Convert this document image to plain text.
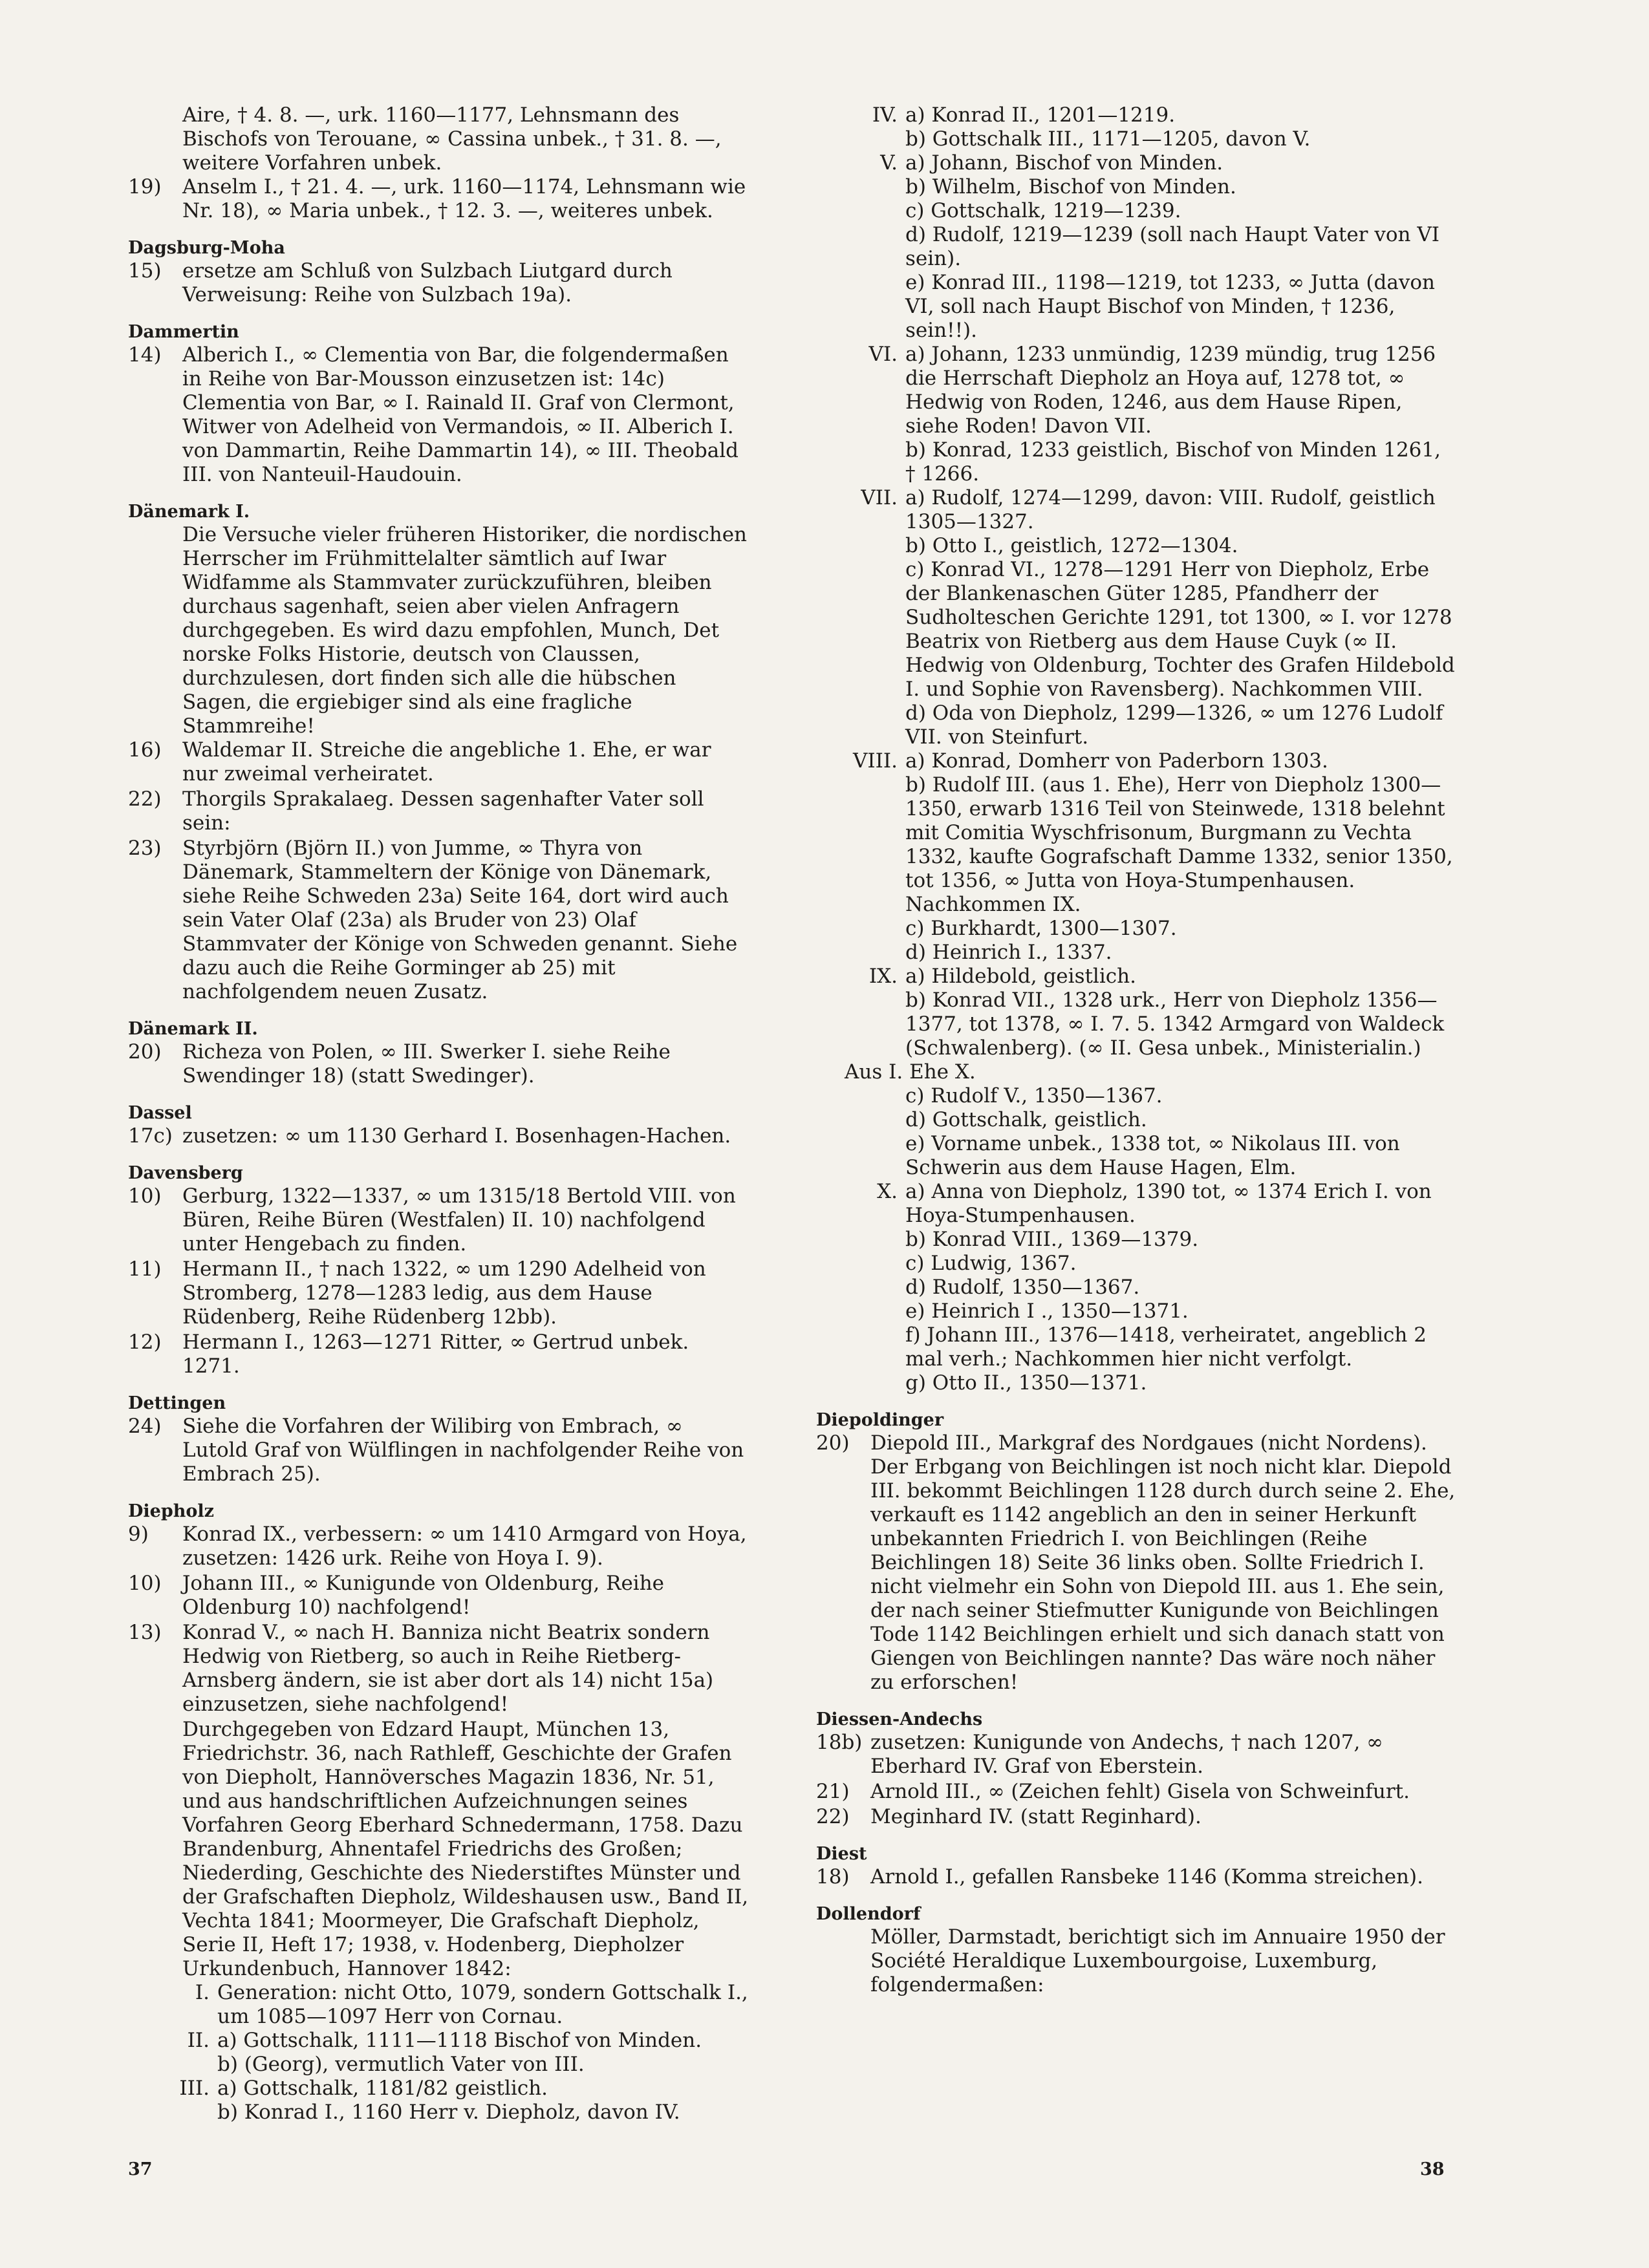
Aire, † 4. 8. —, urk. 1160—1177, Lehnsmann des Bischofs von Terouane, ∞ Cassina unbek., † 31. 8. —, weitere Vorfahren unbek.
19)	Anselm I., † 21. 4. —, urk. 1160—1174, Lehnsmann wie Nr. 18), ∞ Maria unbek., † 12. 3. —, weiteres unbek.
Dagsburg-Moha
15)	ersetze am Schluß von Sulzbach Liutgard durch Verweisung: Reihe von Sulzbach 19a).
Dammertin
14)	Alberich I., ∞ Clementia von Bar, die folgendermaßen in Reihe von Bar-Mousson einzusetzen ist: 14c) Clementia von Bar, ∞ I. Rainald II. Graf von Clermont, Witwer von Adelheid von Vermandois, ∞ II. Alberich I. von Dammartin, Reihe Dammartin 14), ∞ III. Theobald III. von Nanteuil-Haudouin.
Dänemark I.
Die Versuche vieler früheren Historiker, die nordischen Herrscher im Frühmittelalter sämtlich auf Iwar Widfamme als Stammvater zurückzuführen, bleiben durchaus sagenhaft, seien aber vielen Anfragern durchgegeben. Es wird dazu empfohlen, Munch, Det norske Folks Historie, deutsch von Claussen, durchzulesen, dort finden sich alle die hübschen Sagen, die ergiebiger sind als eine fragliche Stammreihe!
16)	Waldemar II. Streiche die angebliche 1. Ehe, er war nur zweimal verheiratet.
22)	Thorgils Sprakalaeg. Dessen sagenhafter Vater soll sein:
23)	Styrbjörn (Björn II.) von Jumme, ∞ Thyra von Dänemark, Stammeltern der Könige von Dänemark, siehe Reihe Schweden 23a) Seite 164, dort wird auch sein Vater Olaf (23a) als Bruder von 23) Olaf Stammvater der Könige von Schweden genannt. Siehe dazu auch die Reihe Gorminger ab 25) mit nachfolgendem neuen Zusatz.
Dänemark II.
20)	Richeza von Polen, ∞ III. Swerker I. siehe Reihe Swendinger 18) (statt Swedinger).
Dassel
17c) zusetzen: ∞ um 1130 Gerhard I. Bosenhagen-Hachen.
Davensberg
10)	Gerburg, 1322—1337, ∞ um 1315/18 Bertold VIII. von Büren, Reihe Büren (Westfalen) II. 10) nachfolgend unter Hengebach zu finden.
11)	Hermann II., † nach 1322, ∞ um 1290 Adelheid von Stromberg, 1278—1283 ledig, aus dem Hause Rüdenberg, Reihe Rüdenberg 12bb).
12)	Hermann I., 1263—1271 Ritter, ∞ Gertrud unbek. 1271.
Dettingen
24)	Siehe die Vorfahren der Wilibirg von Embrach, ∞ Lutold Graf von Wülflingen in nachfolgender Reihe von Embrach 25).
Diepholz
9)	Konrad IX., verbessern: ∞ um 1410 Armgard von Hoya, zusetzen: 1426 urk. Reihe von Hoya I. 9).
10)	Johann III., ∞ Kunigunde von Oldenburg, Reihe Oldenburg 10) nachfolgend!
13)	Konrad V., ∞ nach H. Banniza nicht Beatrix sondern Hedwig von Rietberg, so auch in Reihe Rietberg-Arnsberg ändern, sie ist aber dort als 14) nicht 15a) einzusetzen, siehe nachfolgend!
Durchgegeben von Edzard Haupt, München 13, Friedrichstr. 36, nach Rathleff, Geschichte der Grafen von Diepholt, Hannöversches Magazin 1836, Nr. 51, und aus handschriftlichen Aufzeichnungen seines Vorfahren Georg Eberhard Schnedermann, 1758. Dazu Brandenburg, Ahnentafel Friedrichs des Großen; Niederding, Geschichte des Niederstiftes Münster und der Grafschaften Diepholz, Wildeshausen usw., Band II, Vechta 1841; Moormeyer, Die Grafschaft Diepholz, Serie II, Heft 17; 1938, v. Hodenberg, Diepholzer Urkundenbuch, Hannover 1842:
I. Generation: nicht Otto, 1079, sondern Gottschalk I., um 1085—1097 Herr von Cornau.
II. a) Gottschalk, 1111—1118 Bischof von Minden.
b) (Georg), vermutlich Vater von III.
III. a) Gottschalk, 1181/82 geistlich.
b) Konrad I., 1160 Herr v. Diepholz, davon IV.
IV. a) Konrad II., 1201—1219.
b) Gottschalk III., 1171—1205, davon V.
V. a) Johann, Bischof von Minden.
b) Wilhelm, Bischof von Minden.
c) Gottschalk, 1219—1239.
d) Rudolf, 1219—1239 (soll nach Haupt Vater von VI sein).
e) Konrad III., 1198—1219, tot 1233, ∞ Jutta (davon VI, soll nach Haupt Bischof von Minden, † 1236, sein!!).
VI. a) Johann, 1233 unmündig, 1239 mündig, trug 1256 die Herrschaft Diepholz an Hoya auf, 1278 tot, ∞ Hedwig von Roden, 1246, aus dem Hause Ripen, siehe Roden! Davon VII.
b) Konrad, 1233 geistlich, Bischof von Minden 1261, † 1266.
VII. a) Rudolf, 1274—1299, davon: VIII. Rudolf, geistlich 1305—1327.
b) Otto I., geistlich, 1272—1304.
c) Konrad VI., 1278—1291 Herr von Diepholz, Erbe der Blankenaschen Güter 1285, Pfandherr der Sudholteschen Gerichte 1291, tot 1300, ∞ I. vor 1278 Beatrix von Rietberg aus dem Hause Cuyk (∞ II. Hedwig von Oldenburg, Tochter des Grafen Hildebold I. und Sophie von Ravensberg). Nachkommen VIII.
d) Oda von Diepholz, 1299—1326, ∞ um 1276 Ludolf VII. von Steinfurt.
VIII. a) Konrad, Domherr von Paderborn 1303.
b) Rudolf III. (aus 1. Ehe), Herr von Diepholz 1300—1350, erwarb 1316 Teil von Steinwede, 1318 belehnt mit Comitia Wyschfrisonum, Burgmann zu Vechta 1332, kaufte Gografschaft Damme 1332, senior 1350, tot 1356, ∞ Jutta von Hoya-Stumpenhausen. Nachkommen IX.
c) Burkhardt, 1300—1307.
d) Heinrich I., 1337.
IX. a) Hildebold, geistlich.
b) Konrad VII., 1328 urk., Herr von Diepholz 1356—1377, tot 1378, ∞ I. 7. 5. 1342 Armgard von Waldeck (Schwalenberg). (∞ II. Gesa unbek., Ministerialin.)
Aus I. Ehe X.
c) Rudolf V., 1350—1367.
d) Gottschalk, geistlich.
e) Vorname unbek., 1338 tot, ∞ Nikolaus III. von Schwerin aus dem Hause Hagen, Elm.
X. a) Anna von Diepholz, 1390 tot, ∞ 1374 Erich I. von Hoya-Stumpenhausen.
b) Konrad VIII., 1369—1379.
c) Ludwig, 1367.
d) Rudolf, 1350—1367.
e) Heinrich I ., 1350—1371.
f) Johann III., 1376—1418, verheiratet, angeblich 2 mal verh.; Nachkommen hier nicht verfolgt.
g) Otto II., 1350—1371.
Diepoldinger
20)	Diepold III., Markgraf des Nordgaues (nicht Nordens). Der Erbgang von Beichlingen ist noch nicht klar. Diepold III. bekommt Beichlingen 1128 durch durch seine 2. Ehe, verkauft es 1142 angeblich an den in seiner Herkunft unbekannten Friedrich I. von Beichlingen (Reihe Beichlingen 18) Seite 36 links oben. Sollte Friedrich I. nicht vielmehr ein Sohn von Diepold III. aus 1. Ehe sein, der nach seiner Stiefmutter Kunigunde von Beichlingen Tode 1142 Beichlingen erhielt und sich danach statt von Giengen von Beichlingen nannte? Das wäre noch näher zu erforschen!
Diessen-Andechs
18b) zusetzen: Kunigunde von Andechs, † nach 1207, ∞ Eberhard IV. Graf von Eberstein.
21)	Arnold III., ∞ (Zeichen fehlt) Gisela von Schweinfurt.
22)	Meginhard IV. (statt Reginhard).
Diest
18)	Arnold I., gefallen Ransbeke 1146 (Komma streichen).
Dollendorf
Möller, Darmstadt, berichtigt sich im Annuaire 1950 der Société Heraldique Luxembourgoise, Luxemburg, folgendermaßen:
37	38
